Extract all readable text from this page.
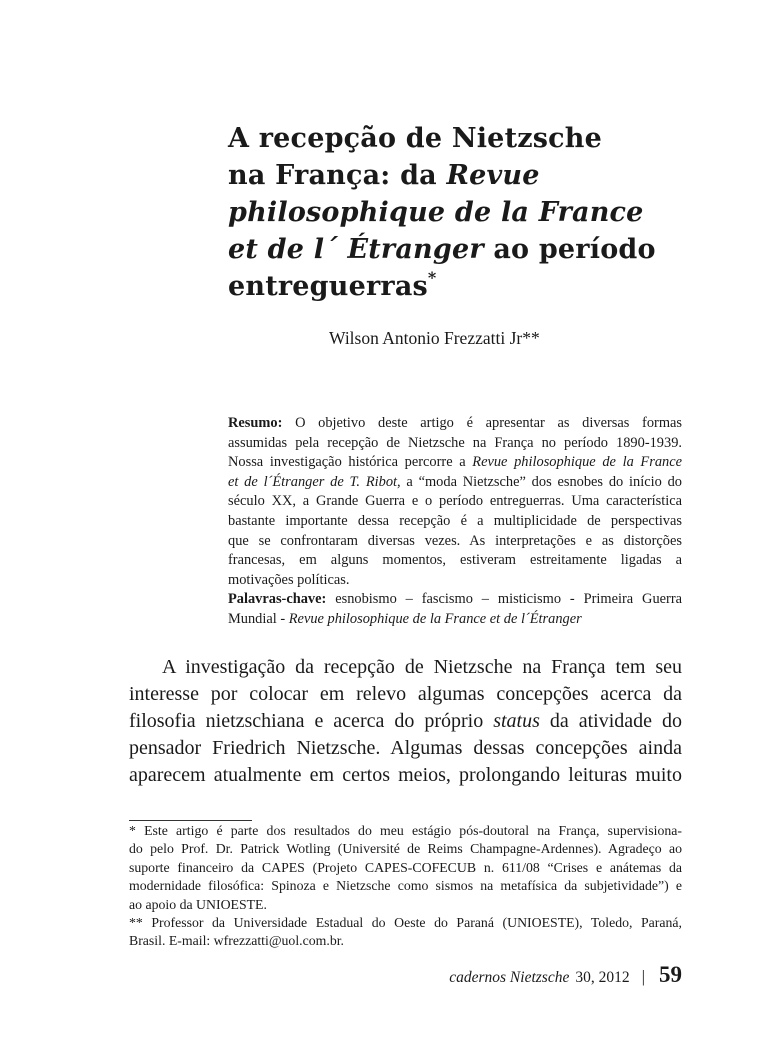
A recepção de Nietzsche
na França: da Revue
philosophique de la France
et de l´ Étranger ao período
entreguerras*
Wilson Antonio Frezzatti Jr**
Resumo: O objetivo deste artigo é apresentar as diversas formas
assumidas pela recepção de Nietzsche na França no período 1890-1939.
Nossa investigação histórica percorre a Revue philosophique de la France
et de l´Étranger de T. Ribot, a “moda Nietzsche” dos esnobes do início do
século XX, a Grande Guerra e o período entreguerras. Uma característica
bastante importante dessa recepção é a multiplicidade de perspectivas
que se confrontaram diversas vezes. As interpretações e as distorções
francesas, em alguns momentos, estiveram estreitamente ligadas a
motivações políticas.
Palavras-chave: esnobismo – fascismo – misticismo - Primeira Guerra
Mundial - Revue philosophique de la France et de l´Étranger
A investigação da recepção de Nietzsche na França tem seu
interesse por colocar em relevo algumas concepções acerca da
filosofia nietzschiana e acerca do próprio status da atividade do
pensador Friedrich Nietzsche. Algumas dessas concepções ainda
aparecem atualmente em certos meios, prolongando leituras muito
* Este artigo é parte dos resultados do meu estágio pós-doutoral na França, supervisiona-
do pelo Prof. Dr. Patrick Wotling (Université de Reims Champagne-Ardennes). Agradeço ao
suporte financeiro da CAPES (Projeto CAPES-COFECUB n. 611/08 “Crises e anátemas da
modernidade filosófica: Spinoza e Nietzsche como sismos na metafísica da subjetividade”) e
ao apoio da UNIOESTE.
** Professor da Universidade Estadual do Oeste do Paraná (UNIOESTE), Toledo, Paraná,
Brasil. E-mail: wfrezzatti@uol.com.br.
cadernos Nietzsche 30, 2012 | 59
